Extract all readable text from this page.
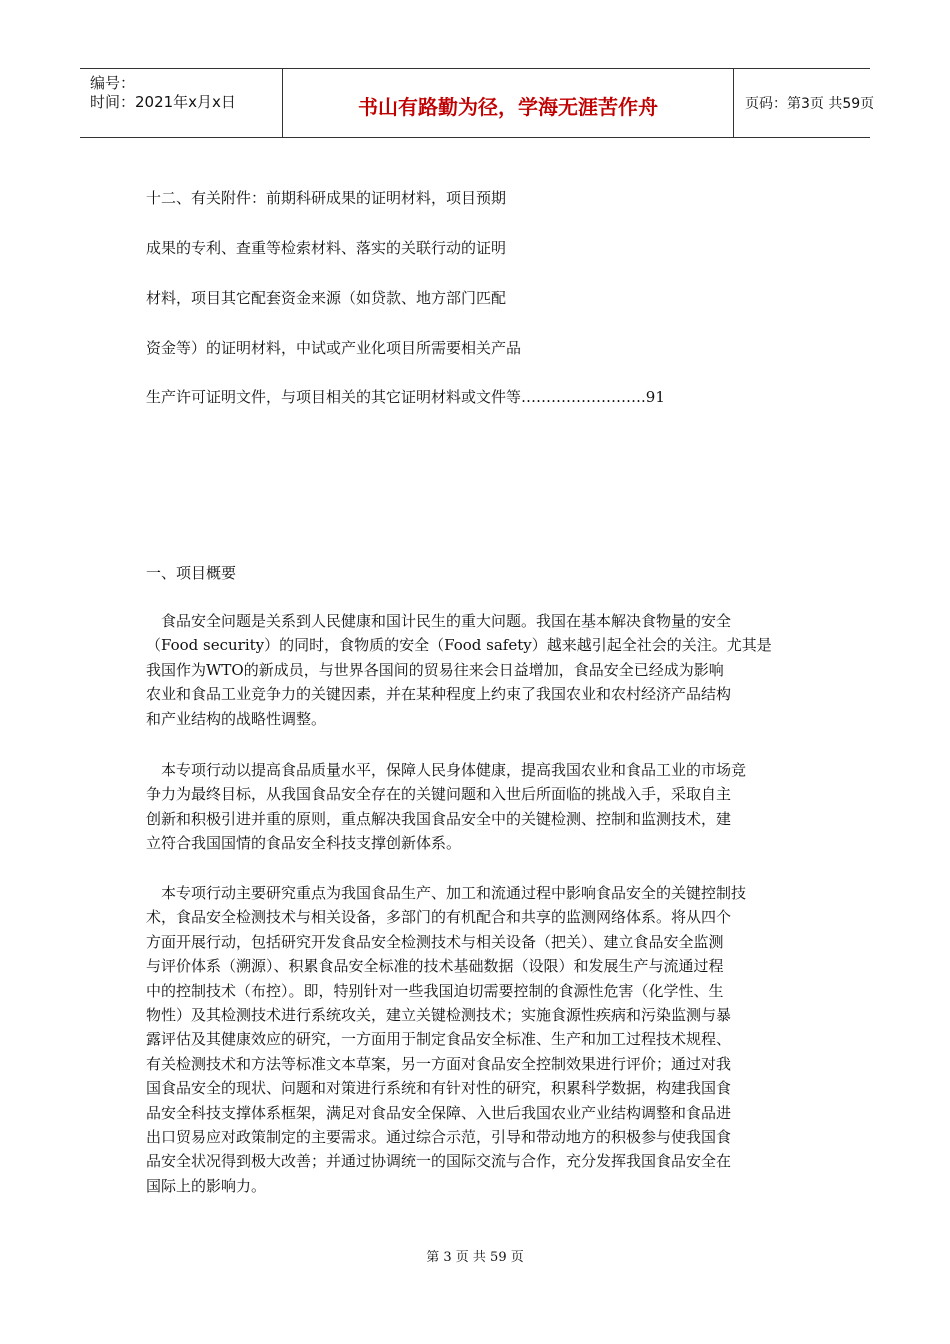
编号：
时间：2021年x月x日	书山有路勤为径，学海无涯苦作舟	页码：第3页 共59页
十二、有关附件：前期科研成果的证明材料，项目预期
成果的专利、查重等检索材料、落实的关联行动的证明
材料，项目其它配套资金来源（如贷款、地方部门匹配
资金等）的证明材料，中试或产业化项目所需要相关产品
生产许可证明文件，与项目相关的其它证明材料或文件等…………………….91
一、项目概要
　食品安全问题是关系到人民健康和国计民生的重大问题。我国在基本解决食物量的安全
（Food security）的同时，食物质的安全（Food safety）越来越引起全社会的关注。尤其是
我国作为WTO的新成员，与世界各国间的贸易往来会日益增加，食品安全已经成为影响
农业和食品工业竞争力的关键因素，并在某种程度上约束了我国农业和农村经济产品结构
和产业结构的战略性调整。
　本专项行动以提高食品质量水平，保障人民身体健康，提高我国农业和食品工业的市场竞
争力为最终目标，从我国食品安全存在的关键问题和入世后所面临的挑战入手，采取自主
创新和积极引进并重的原则，重点解决我国食品安全中的关键检测、控制和监测技术，建
立符合我国国情的食品安全科技支撑创新体系。
　本专项行动主要研究重点为我国食品生产、加工和流通过程中影响食品安全的关键控制技
术，食品安全检测技术与相关设备，多部门的有机配合和共享的监测网络体系。将从四个
方面开展行动，包括研究开发食品安全检测技术与相关设备（把关）、建立食品安全监测
与评价体系（溯源）、积累食品安全标准的技术基础数据（设限）和发展生产与流通过程
中的控制技术（布控）。即，特别针对一些我国迫切需要控制的食源性危害（化学性、生
物性）及其检测技术进行系统攻关，建立关键检测技术；实施食源性疾病和污染监测与暴
露评估及其健康效应的研究，一方面用于制定食品安全标准、生产和加工过程技术规程、
有关检测技术和方法等标准文本草案，另一方面对食品安全控制效果进行评价；通过对我
国食品安全的现状、问题和对策进行系统和有针对性的研究，积累科学数据，构建我国食
品安全科技支撑体系框架，满足对食品安全保障、入世后我国农业产业结构调整和食品进
出口贸易应对政策制定的主要需求。通过综合示范，引导和带动地方的积极参与使我国食
品安全状况得到极大改善；并通过协调统一的国际交流与合作，充分发挥我国食品安全在
国际上的影响力。
第 3 页 共 59 页
